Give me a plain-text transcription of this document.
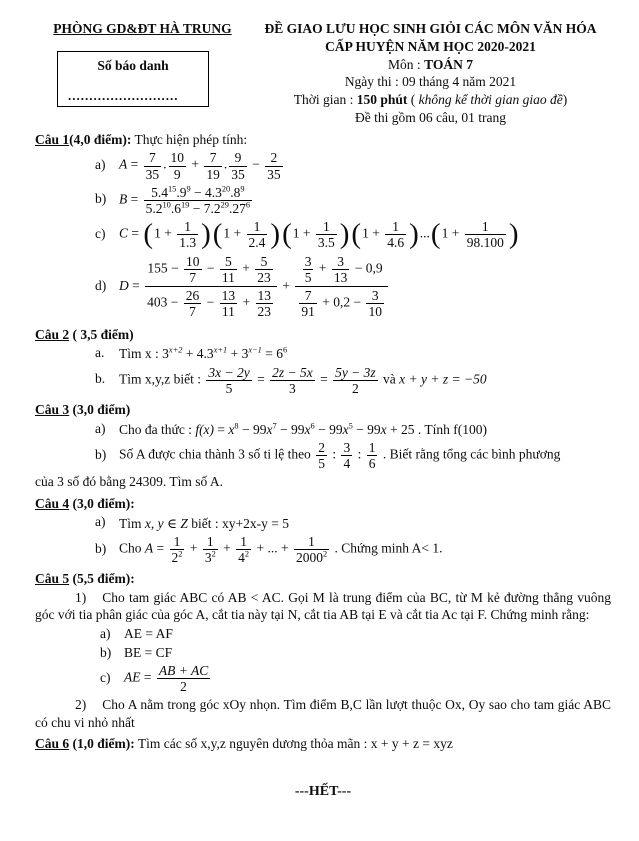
PHÒNG GD&ĐT HÀ TRUNG
Số báo danh
..........................
ĐỀ GIAO LƯU HỌC SINH GIỎI CÁC MÔN VĂN HÓA
CẤP HUYỆN NĂM HỌC 2020-2021
Môn : TOÁN 7
Ngày thi : 09 tháng 4 năm 2021
Thời gian : 150 phút ( không kể thời gian giao đề)
Đề thi gồm 06 câu, 01 trang
Câu 1(4,0 điểm): Thực hiện phép tính:
a) $A = \frac{7}{35}$ . $\frac{10}{9} + \frac{7}{19}$ . $\frac{9}{35} - \frac{2}{35}$
b) $B = \frac{5.4^{15}.9^9 - 4.3^{20}.8^9}{5.2^{10}.6^{19} - 7.2^{29}.27^6}$
c) C = ( $1 + \frac{1}{1.3}$ ) ( $1 + \frac{1}{2.4}$ ) ( $1 + \frac{1}{3.5}$ ) ( $1 + \frac{1}{4.6}$ ) ... ( $1 + \frac{1}{98.100}$ )
d) $D = \frac{155 - \frac{10}{7} - \frac{5}{11} + \frac{5}{23}}{403 - \frac{26}{7} - \frac{13}{11} + \frac{13}{23}} + \frac{\frac{3}{5} + \frac{3}{13} - 0,9}{\frac{7}{91} + 0,2 - \frac{3}{10}}$
Câu 2 ( 3,5 điểm)
a. Tìm x : $3^{x+2} + 4.3^{x+1} + 3^{x-1} = 6^6$
b. Tìm x,y,z biết : $\frac{3x - 2y}{5} = \frac{2z - 5x}{3} = \frac{5y - 3z}{2}$ và x + y + z = −50
Câu 3 (3,0 điểm)
a) Cho đa thức : $f(x) = x^8 - 99x^7 - 99x^6 - 99x^5 - 99x + 25$ . Tính f(100)
b) Số A được chia thành 3 số ti lệ theo $\frac{2}{5}$ : $\frac{3}{4}$ : $\frac{1}{6}$ . Biết rằng tổng các bình phương
của 3 số đó bằng 24309. Tìm số A.
Câu 4 (3,0 điểm):
a) Tìm x, y ∈ Z biết : xy+2x-y = 5
b) Cho $A = \frac{1}{2^2} + \frac{1}{3^2} + \frac{1}{4^2}$ + ... + $\frac{1}{2000^2}$ . Chứng minh A< 1.
Câu 5 (5,5 điểm):
1) Cho tam giác ABC có AB < AC. Gọi M là trung điểm của BC, từ M kẻ đường thẳng vuông góc với tia phân giác của góc A, cắt tia này tại N, cắt tia AB tại E và cắt tia Ac tại F. Chứng minh rằng:
a) AE = AF
b) BE = CF
c) AE = $\frac{AB + AC}{2}$
2) Cho A nằm trong góc xOy nhọn. Tìm điểm B,C lần lượt thuộc Ox, Oy sao cho tam giác ABC có chu vi nhỏ nhất
Câu 6 (1,0 điểm): Tìm các số x,y,z nguyên dương thỏa mãn : x + y + z = xyz
---HẾT---
